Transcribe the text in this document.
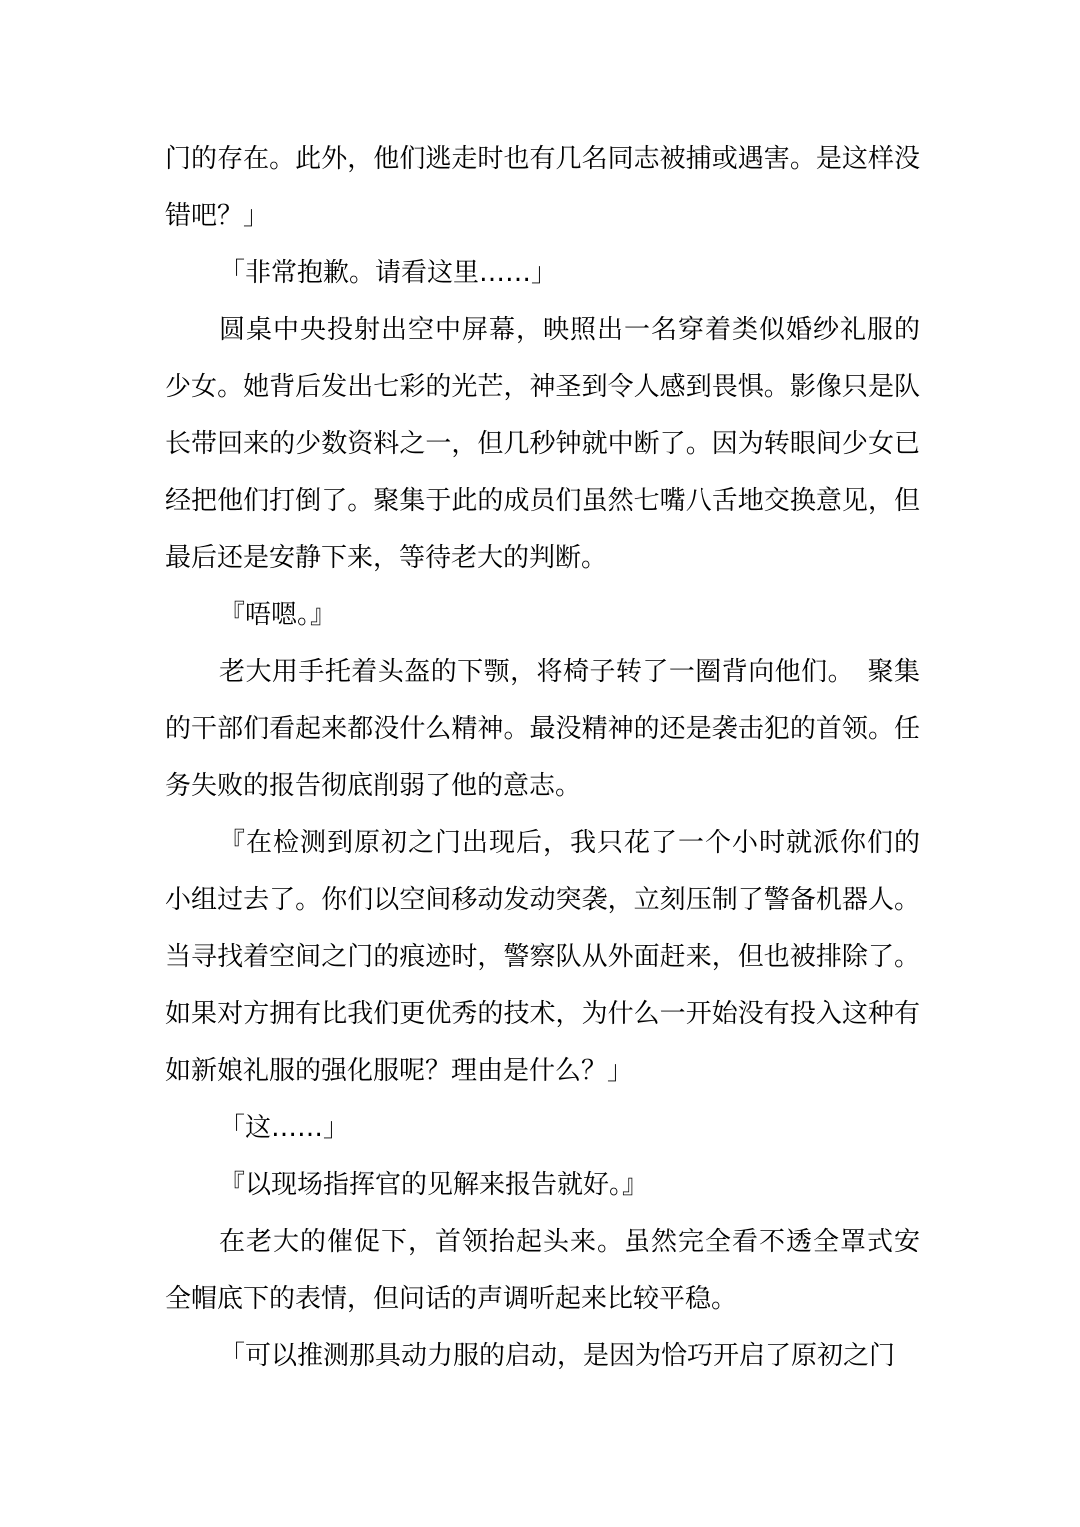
门的存在。此外，他们逃走时也有几名同志被捕或遇害。是这样没错吧？」

「非常抱歉。请看这里……」

圆桌中央投射出空中屏幕，映照出一名穿着类似婚纱礼服的少女。她背后发出七彩的光芒，神圣到令人感到畏惧。影像只是队长带回来的少数资料之一，但几秒钟就中断了。因为转眼间少女已经把他们打倒了。聚集于此的成员们虽然七嘴八舌地交换意见，但最后还是安静下来，等待老大的判断。

『唔嗯。』

老大用手托着头盔的下颚，将椅子转了一圈背向他们。　聚集的干部们看起来都没什么精神。最没精神的还是袭击犯的首领。任务失败的报告彻底削弱了他的意志。

『在检测到原初之门出现后，我只花了一个小时就派你们的小组过去了。你们以空间移动发动突袭，立刻压制了警备机器人。当寻找着空间之门的痕迹时，警察队从外面赶来，但也被排除了。如果对方拥有比我们更优秀的技术，为什么一开始没有投入这种有如新娘礼服的强化服呢？理由是什么？」

「这……」

『以现场指挥官的见解来报告就好。』

在老大的催促下，首领抬起头来。虽然完全看不透全罩式安全帽底下的表情，但问话的声调听起来比较平稳。

「可以推测那具动力服的启动，是因为恰巧开启了原初之门
